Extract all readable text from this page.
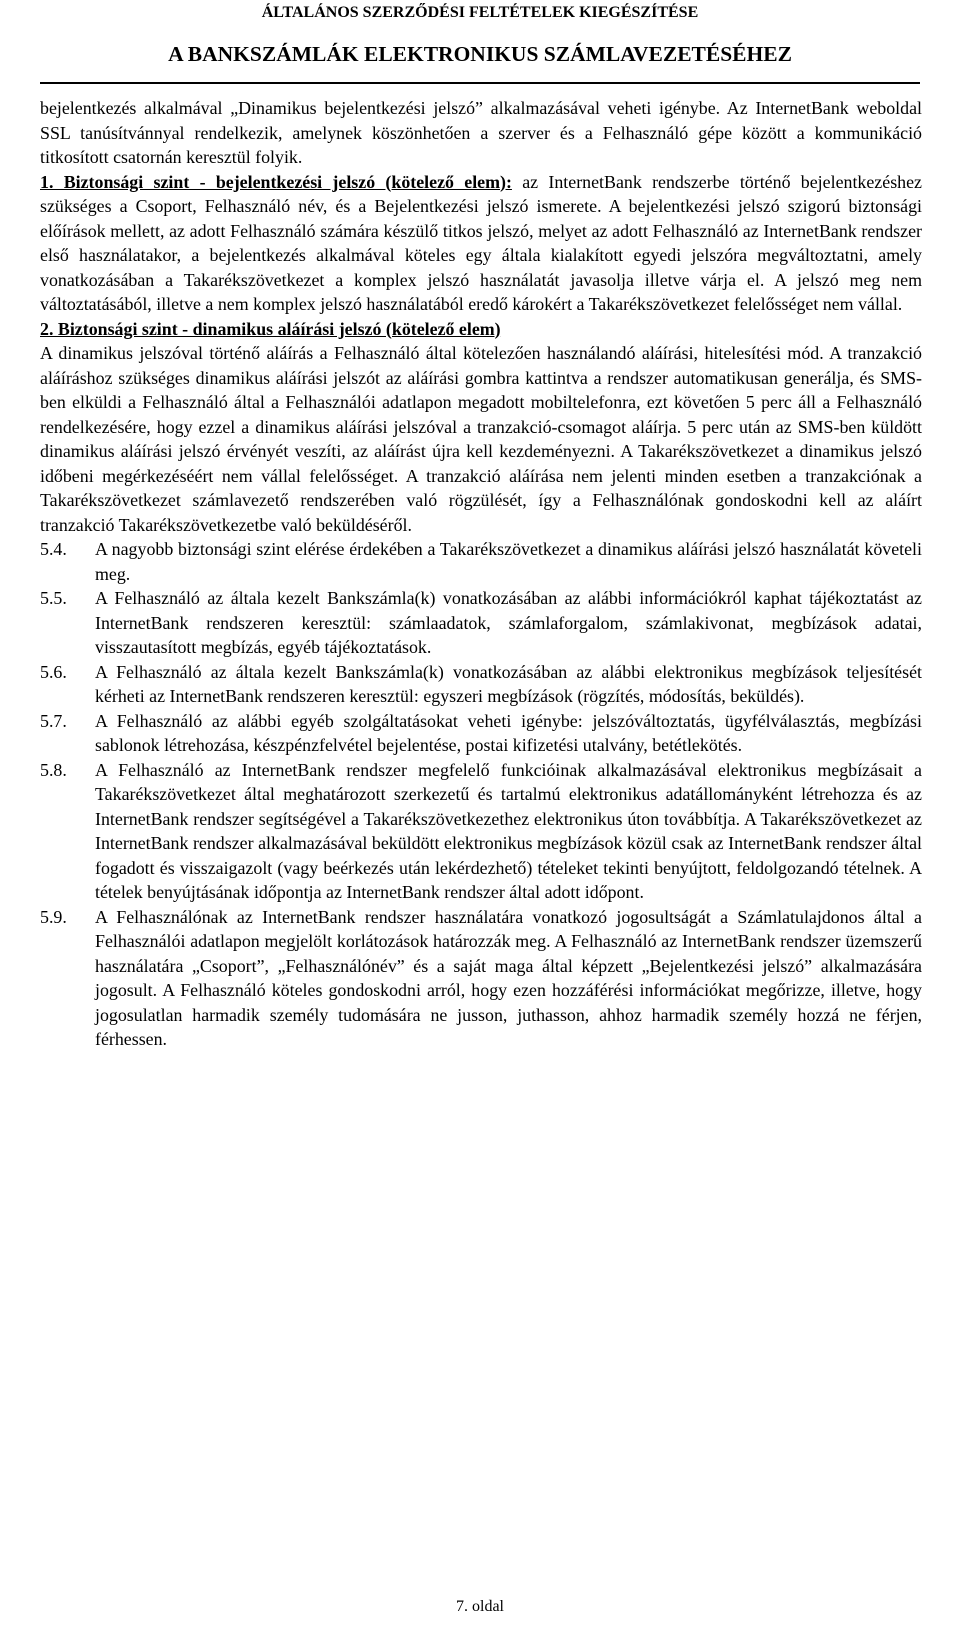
ÁLTALÁNOS SZERZŐDÉSI FELTÉTELEK KIEGÉSZÍTÉSE
A BANKSZÁMLÁK ELEKTRONIKUS SZÁMLAVEZETÉSÉHEZ

bejelentkezés alkalmával „Dinamikus bejelentkezési jelszó” alkalmazásával veheti igénybe. Az InternetBank weboldal SSL tanúsítvánnyal rendelkezik, amelynek köszönhetően a szerver és a Felhasználó gépe között a kommunikáció titkosított csatornán keresztül folyik.

1. Biztonsági szint - bejelentkezési jelszó (kötelező elem): az InternetBank rendszerbe történő bejelentkezéshez szükséges a Csoport, Felhasználó név, és a Bejelentkezési jelszó ismerete. A bejelentkezési jelszó szigorú biztonsági előírások mellett, az adott Felhasználó számára készülő titkos jelszó, melyet az adott Felhasználó az InternetBank rendszer első használatakor, a bejelentkezés alkalmával köteles egy általa kialakított egyedi jelszóra megváltoztatni, amely vonatkozásában a Takarékszövetkezet a komplex jelszó használatát javasolja illetve várja el. A jelszó meg nem változtatásából, illetve a nem komplex jelszó használatából eredő károkért a Takarékszövetkezet felelősséget nem vállal.

2. Biztonsági szint - dinamikus aláírási jelszó (kötelező elem)

A dinamikus jelszóval történő aláírás a Felhasználó által kötelezően használandó aláírási, hitelesítési mód. A tranzakció aláíráshoz szükséges dinamikus aláírási jelszót az aláírási gombra kattintva a rendszer automatikusan generálja, és SMS-ben elküldi a Felhasználó által a Felhasználói adatlapon megadott mobiltelefonra, ezt követően 5 perc áll a Felhasználó rendelkezésére, hogy ezzel a dinamikus aláírási jelszóval a tranzakció-csomagot aláírja. 5 perc után az SMS-ben küldött dinamikus aláírási jelszó érvényét veszíti, az aláírást újra kell kezdeményezni. A Takarékszövetkezet a dinamikus jelszó időbeni megérkezéséért nem vállal felelősséget. A tranzakció aláírása nem jelenti minden esetben a tranzakciónak a Takarékszövetkezet számlavezető rendszerében való rögzülését, így a Felhasználónak gondoskodni kell az aláírt tranzakció Takarékszövetkezetbe való beküldéséről.

5.4.	A nagyobb biztonsági szint elérése érdekében a Takarékszövetkezet a dinamikus aláírási jelszó használatát követeli meg.
5.5.	A Felhasználó az általa kezelt Bankszámla(k) vonatkozásában az alábbi információkról kaphat tájékoztatást az InternetBank rendszeren keresztül: számlaadatok, számlaforgalom, számlakivonat, megbízások adatai, visszautasított megbízás, egyéb tájékoztatások.
5.6.	A Felhasználó az általa kezelt Bankszámla(k) vonatkozásában az alábbi elektronikus megbízások teljesítését kérheti az InternetBank rendszeren keresztül: egyszeri megbízások (rögzítés, módosítás, beküldés).
5.7.	A Felhasználó az alábbi egyéb szolgáltatásokat veheti igénybe: jelszóváltoztatás, ügyfélválasztás, megbízási sablonok létrehozása, készpénzfelvétel bejelentése, postai kifizetési utalvány, betétlekötés.
5.8.	A Felhasználó az InternetBank rendszer megfelelő funkcióinak alkalmazásával elektronikus megbízásait a Takarékszövetkezet által meghatározott szerkezetű és tartalmú elektronikus adatállományként létrehozza és az InternetBank rendszer segítségével a Takarékszövetkezethez elektronikus úton továbbítja. A Takarékszövetkezet az InternetBank rendszer alkalmazásával beküldött elektronikus megbízások közül csak az InternetBank rendszer által fogadott és visszaigazolt (vagy beérkezés után lekérdezhető) tételeket tekinti benyújtott, feldolgozandó tételnek. A tételek benyújtásának időpontja az InternetBank rendszer által adott időpont.
5.9.	A Felhasználónak az InternetBank rendszer használatára vonatkozó jogosultságát a Számlatulajdonos által a Felhasználói adatlapon megjelölt korlátozások határozzák meg. A Felhasználó az InternetBank rendszer üzemszerű használatára „Csoport”, „Felhasználónév” és a saját maga által képzett „Bejelentkezési jelszó” alkalmazására jogosult. A Felhasználó köteles gondoskodni arról, hogy ezen hozzáférési információkat megőrizze, illetve, hogy jogosulatlan harmadik személy tudomására ne jusson, juthasson, ahhoz harmadik személy hozzá ne férjen, férhessen.
7. oldal
